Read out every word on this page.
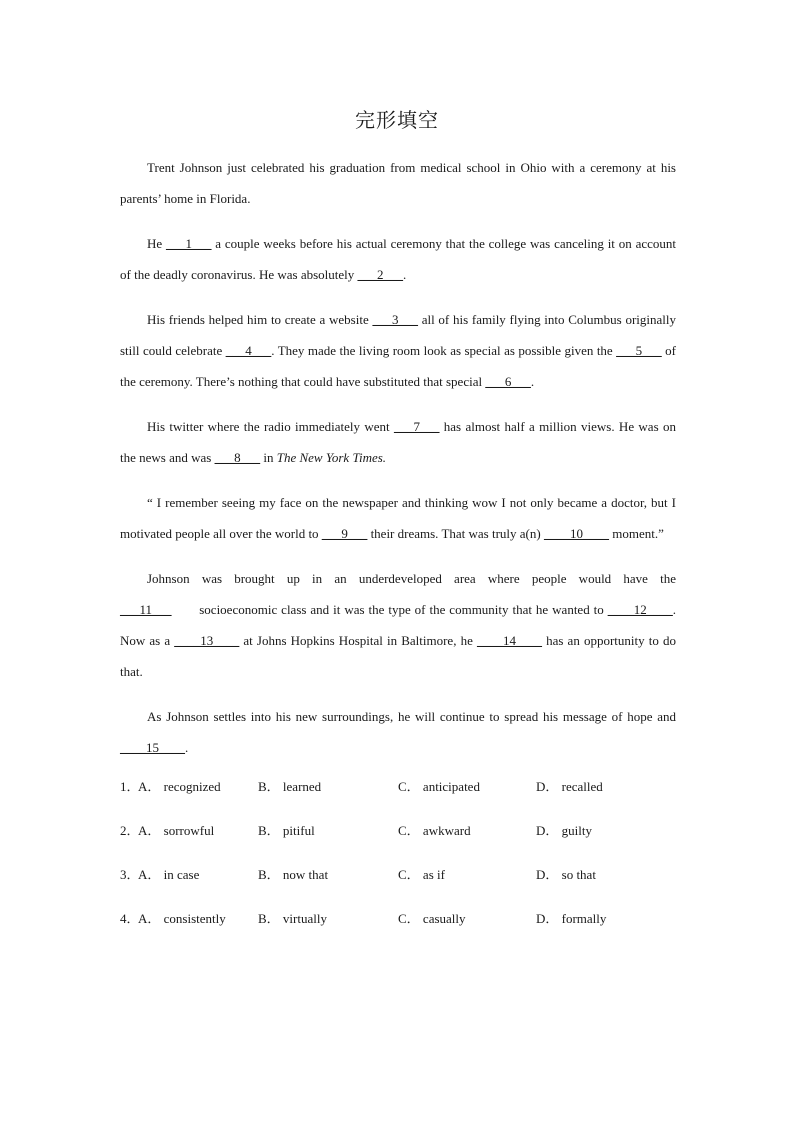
完形填空

Trent Johnson just celebrated his graduation from medical school in Ohio with a ceremony at his parents’ home in Florida.

He ___1___ a couple weeks before his actual ceremony that the college was canceling it on account of the deadly coronavirus. He was absolutely ___2___.

His friends helped him to create a website ___3___ all of his family flying into Columbus originally still could celebrate ___4___. They made the living room look as special as possible given the ___5___ of the ceremony. There’s nothing that could have substituted that special ___6___.

His twitter where the radio immediately went ___7___ has almost half a million views. He was on the news and was ___8___ in The New York Times.

“ I remember seeing my face on the newspaper and thinking wow I not only became a doctor, but I motivated people all over the world to ___9___ their dreams. That was truly a(n) ____10____ moment.”

Johnson was brought up in an underdeveloped area where people would have the ___11___       socioeconomic class and it was the type of the community that he wanted to ____12____. Now as a ____13____ at Johns Hopkins Hospital in Baltimore, he ____14____ has an opportunity to do that.

As Johnson settles into his new surroundings, he will continue to spread his message of hope and ____15____.

1．
A． recognized	B． learned	C． anticipated	D． recalled
2．
A． sorrowful	B． pitiful	C． awkward	D． guilty
3．
A． in case	B． now that	C． as if	D． so that
4．
A． consistently	B． virtually	C． casually	D． formally
